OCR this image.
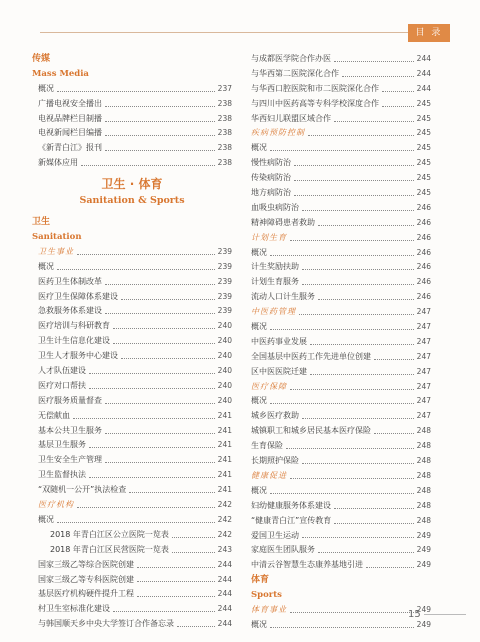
目 录
传媒
Mass Media
概况	237
广播电视安全播出	238
电视品牌栏目制播	238
电视新闻栏目编播	238
《新青白江》报刊	238
新媒体应用	238
卫生 · 体育
Sanitation & Sports
卫生
Sanitation
卫生事业	239
概况	239
医药卫生体制改革	239
医疗卫生保障体系建设	239
急救服务体系建设	239
医疗培训与科研教育	240
卫生计生信息化建设	240
卫生人才服务中心建设	240
人才队伍建设	240
医疗对口帮扶	240
医疗服务质量督查	240
无偿献血	241
基本公共卫生服务	241
基层卫生服务	241
卫生安全生产管理	241
卫生监督执法	241
“双随机一公开”执法检查	241
医疗机构	242
概况	242
2018 年青白江区公立医院一览表	242
2018 年青白江区民营医院一览表	243
国家三级乙等综合医院创建	244
国家三级乙等专科医院创建	244
基层医疗机构硬件提升工程	244
村卫生室标准化建设	244
与韩国顺天乡中央大学签订合作备忘录	244
与成都医学院合作办医	244
与华西第二医院深化合作	244
与华西口腔医院和市二医院深化合作	244
与四川中医药高等专科学校深度合作	245
华西妇儿联盟区域合作	245
疾病预防控制	245
概况	245
慢性病防治	245
传染病防治	245
地方病防治	245
血吸虫病防治	246
精神障碍患者救助	246
计划生育	246
概况	246
计生奖励扶助	246
计划生育服务	246
流动人口计生服务	246
中医药管理	247
概况	247
中医药事业发展	247
全国基层中医药工作先进单位创建	247
区中医医院迁建	247
医疗保障	247
概况	247
城乡医疗救助	247
城镇职工和城乡居民基本医疗保险	248
生育保险	248
长期照护保险	248
健康促进	248
概况	248
妇幼健康服务体系建设	248
“健康青白江”宣传教育	248
爱国卫生运动	249
家庭医生团队服务	249
中清云谷智慧生态康养基地引进	249
体育
Sports
体育事业	249
概况	249
15
